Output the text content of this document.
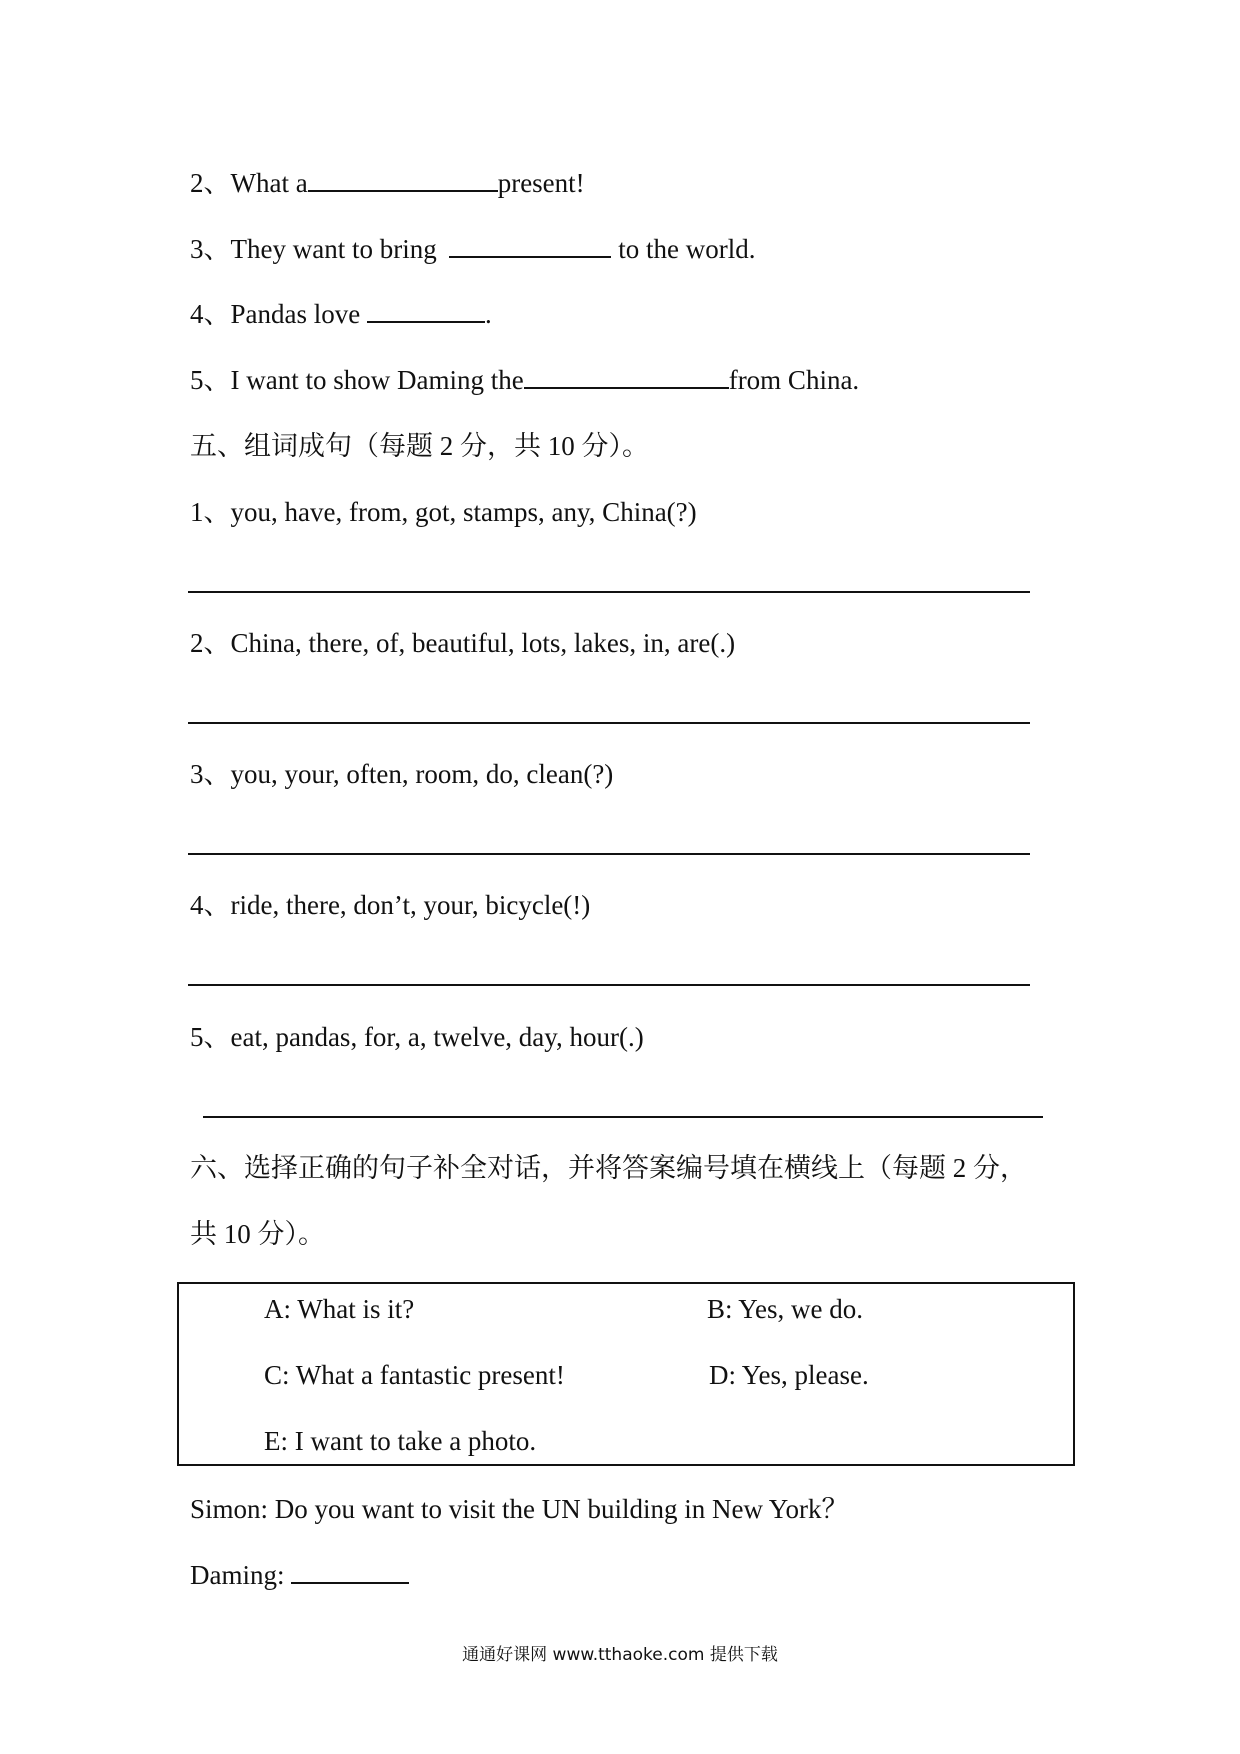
2、What a	present!
3、They want to bring	to the world.
4、Pandas love	.
5、I want to show Daming the	from China.
五、组词成句（每题 2 分，共 10 分）。
1、you, have, from, got, stamps, any, China(?)
2、China, there, of, beautiful, lots, lakes, in, are(.)
3、you, your, often, room, do, clean(?)
4、ride, there, don’t, your, bicycle(!)
5、eat, pandas, for, a, twelve, day, hour(.)
六、选择正确的句子补全对话，并将答案编号填在横线上（每题 2 分，
共 10 分）。
A: What is it?	B: Yes, we do.
C: What a fantastic present!	D: Yes, please.
E: I want to take a photo.
Simon: Do you want to visit the UN building in New York？
Daming:
通通好课网 www.tthaoke.com 提供下载
